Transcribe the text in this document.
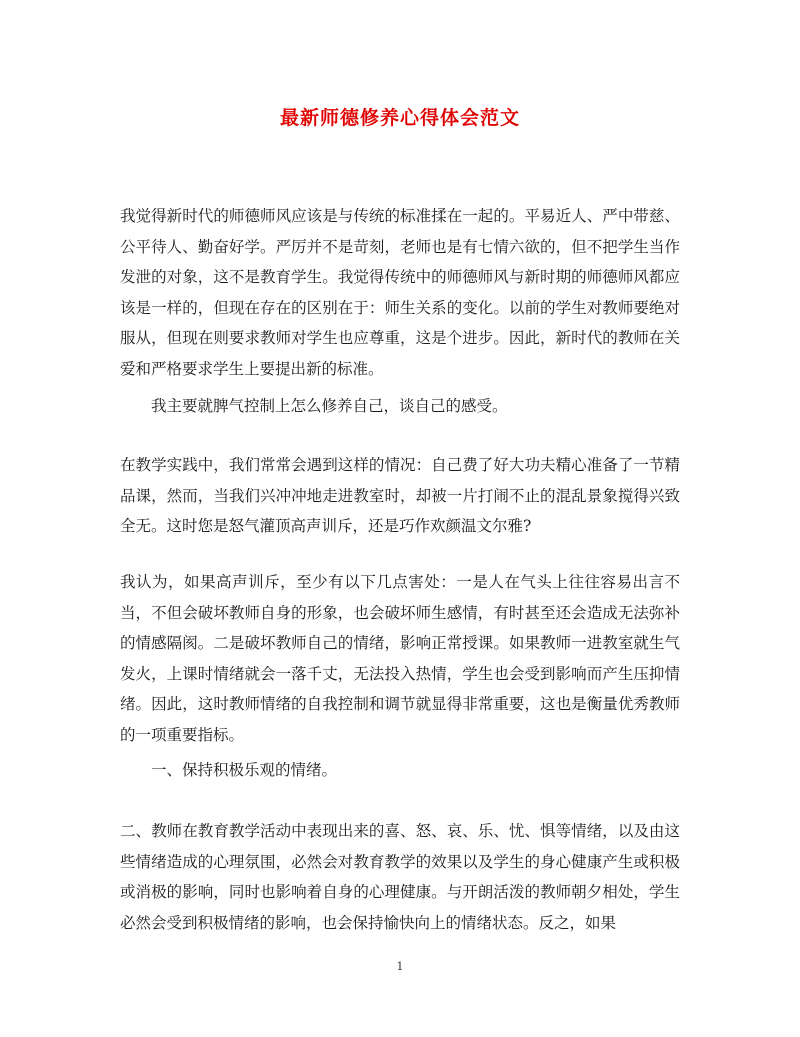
最新师德修养心得体会范文

我觉得新时代的师德师风应该是与传统的标准揉在一起的。平易近人、严中带慈、公平待人、勤奋好学。严厉并不是苛刻，老师也是有七情六欲的，但不把学生当作发泄的对象，这不是教育学生。我觉得传统中的师德师风与新时期的师德师风都应该是一样的，但现在存在的区别在于：师生关系的变化。以前的学生对教师要绝对服从，但现在则要求教师对学生也应尊重，这是个进步。因此，新时代的教师在关爱和严格要求学生上要提出新的标准。

我主要就脾气控制上怎么修养自己，谈自己的感受。

在教学实践中，我们常常会遇到这样的情况：自己费了好大功夫精心准备了一节精品课，然而，当我们兴冲冲地走进教室时，却被一片打闹不止的混乱景象搅得兴致全无。这时您是怒气灌顶高声训斥，还是巧作欢颜温文尔雅?

我认为，如果高声训斥，至少有以下几点害处：一是人在气头上往往容易出言不当，不但会破坏教师自身的形象，也会破坏师生感情，有时甚至还会造成无法弥补的情感隔阂。二是破坏教师自己的情绪，影响正常授课。如果教师一进教室就生气发火，上课时情绪就会一落千丈，无法投入热情，学生也会受到影响而产生压抑情绪。因此，这时教师情绪的自我控制和调节就显得非常重要，这也是衡量优秀教师的一项重要指标。

一、保持积极乐观的情绪。

二、教师在教育教学活动中表现出来的喜、怒、哀、乐、忧、惧等情绪，以及由这些情绪造成的心理氛围，必然会对教育教学的效果以及学生的身心健康产生或积极或消极的影响，同时也影响着自身的心理健康。与开朗活泼的教师朝夕相处，学生必然会受到积极情绪的影响，也会保持愉快向上的情绪状态。反之，如果

1
